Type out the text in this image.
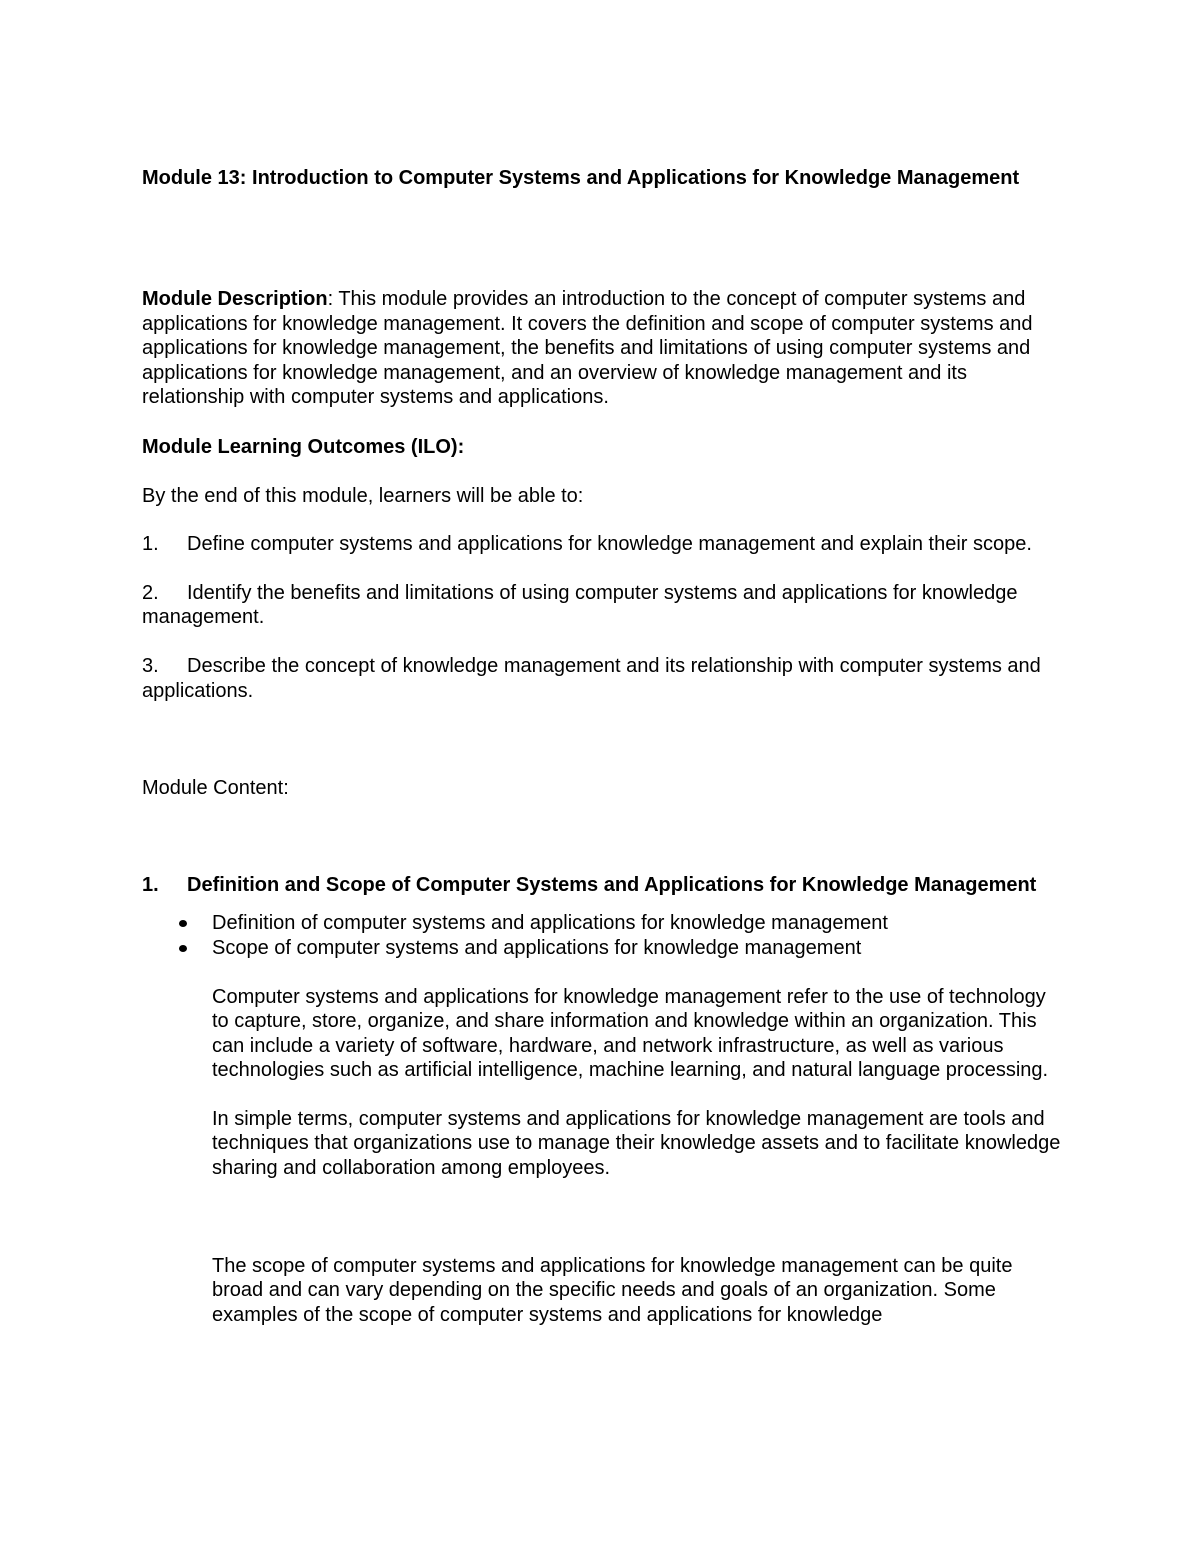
Module 13: Introduction to Computer Systems and Applications for Knowledge Management

Module Description: This module provides an introduction to the concept of computer systems and applications for knowledge management. It covers the definition and scope of computer systems and applications for knowledge management, the benefits and limitations of using computer systems and applications for knowledge management, and an overview of knowledge management and its relationship with computer systems and applications.

Module Learning Outcomes (ILO):

By the end of this module, learners will be able to:

1. Define computer systems and applications for knowledge management and explain their scope.

2. Identify the benefits and limitations of using computer systems and applications for knowledge management.

3. Describe the concept of knowledge management and its relationship with computer systems and applications.

Module Content:

1. Definition and Scope of Computer Systems and Applications for Knowledge Management

Definition of computer systems and applications for knowledge management
Scope of computer systems and applications for knowledge management

Computer systems and applications for knowledge management refer to the use of technology to capture, store, organize, and share information and knowledge within an organization. This can include a variety of software, hardware, and network infrastructure, as well as various technologies such as artificial intelligence, machine learning, and natural language processing.

In simple terms, computer systems and applications for knowledge management are tools and techniques that organizations use to manage their knowledge assets and to facilitate knowledge sharing and collaboration among employees.

The scope of computer systems and applications for knowledge management can be quite broad and can vary depending on the specific needs and goals of an organization. Some examples of the scope of computer systems and applications for knowledge
